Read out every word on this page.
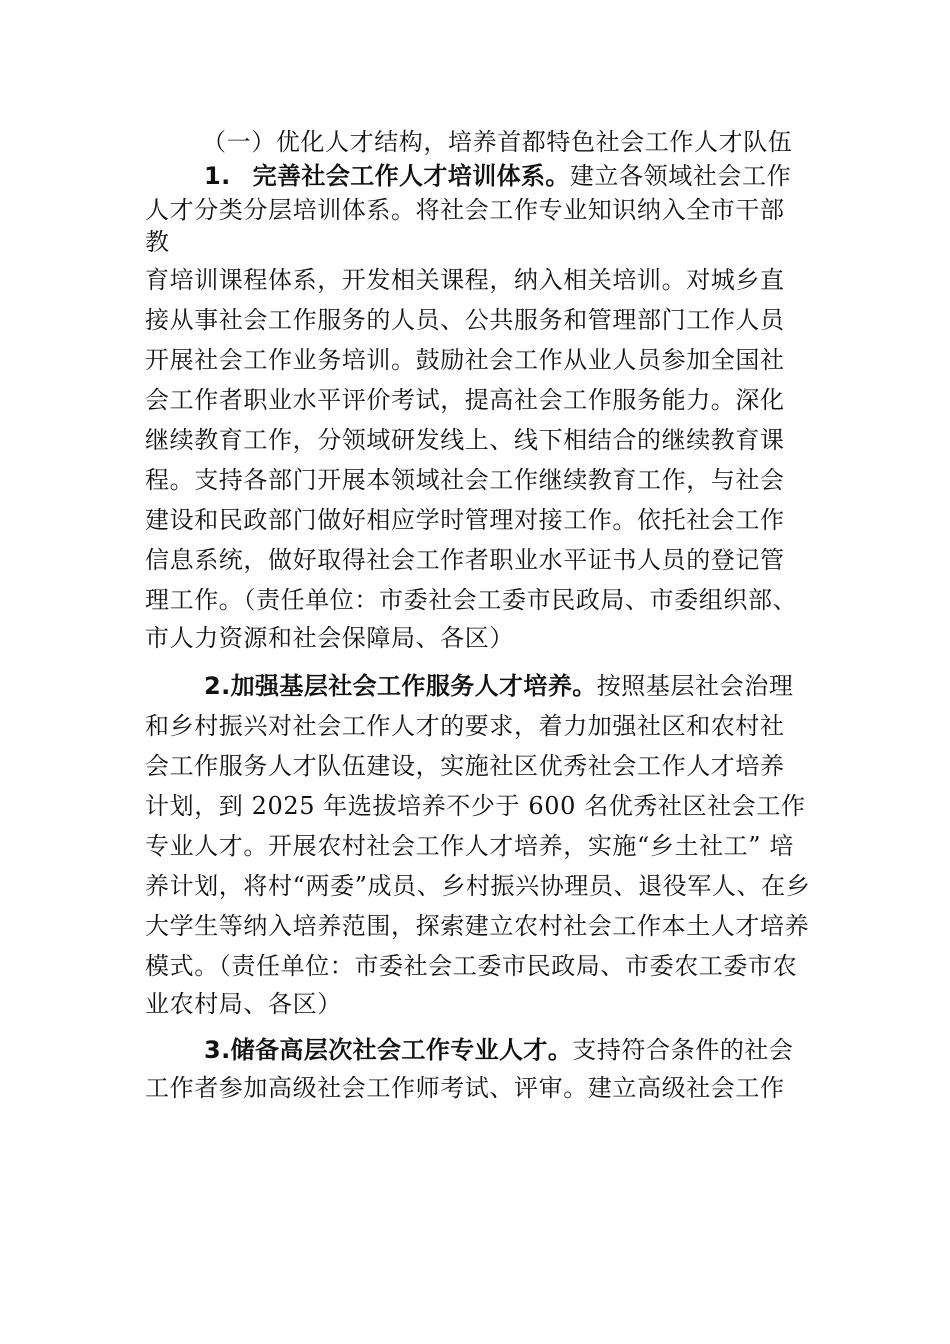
（一）优化人才结构，培养首都特色社会工作人才队伍
1. 完善社会工作人才培训体系。建立各领域社会工作
人才分类分层培训体系。将社会工作专业知识纳入全市干部
教
育培训课程体系，开发相关课程，纳入相关培训。对城乡直
接从事社会工作服务的人员、公共服务和管理部门工作人员
开展社会工作业务培训。鼓励社会工作从业人员参加全国社
会工作者职业水平评价考试，提高社会工作服务能力。深化
继续教育工作，分领域研发线上、线下相结合的继续教育课
程。支持各部门开展本领域社会工作继续教育工作，与社会
建设和民政部门做好相应学时管理对接工作。依托社会工作
信息系统，做好取得社会工作者职业水平证书人员的登记管
理工作。（责任单位：市委社会工委市民政局、市委组织部、
市人力资源和社会保障局、各区）
2.加强基层社会工作服务人才培养。按照基层社会治理
和乡村振兴对社会工作人才的要求，着力加强社区和农村社
会工作服务人才队伍建设，实施社区优秀社会工作人才培养
计划，到 2025 年选拔培养不少于 600 名优秀社区社会工作
专业人才。开展农村社会工作人才培养，实施“乡土社工” 培
养计划，将村“两委”成员、乡村振兴协理员、退役军人、在乡
大学生等纳入培养范围，探索建立农村社会工作本土人才培养
模式。（责任单位：市委社会工委市民政局、市委农工委市农
业农村局、各区）
3.储备高层次社会工作专业人才。支持符合条件的社会
工作者参加高级社会工作师考试、评审。建立高级社会工作
